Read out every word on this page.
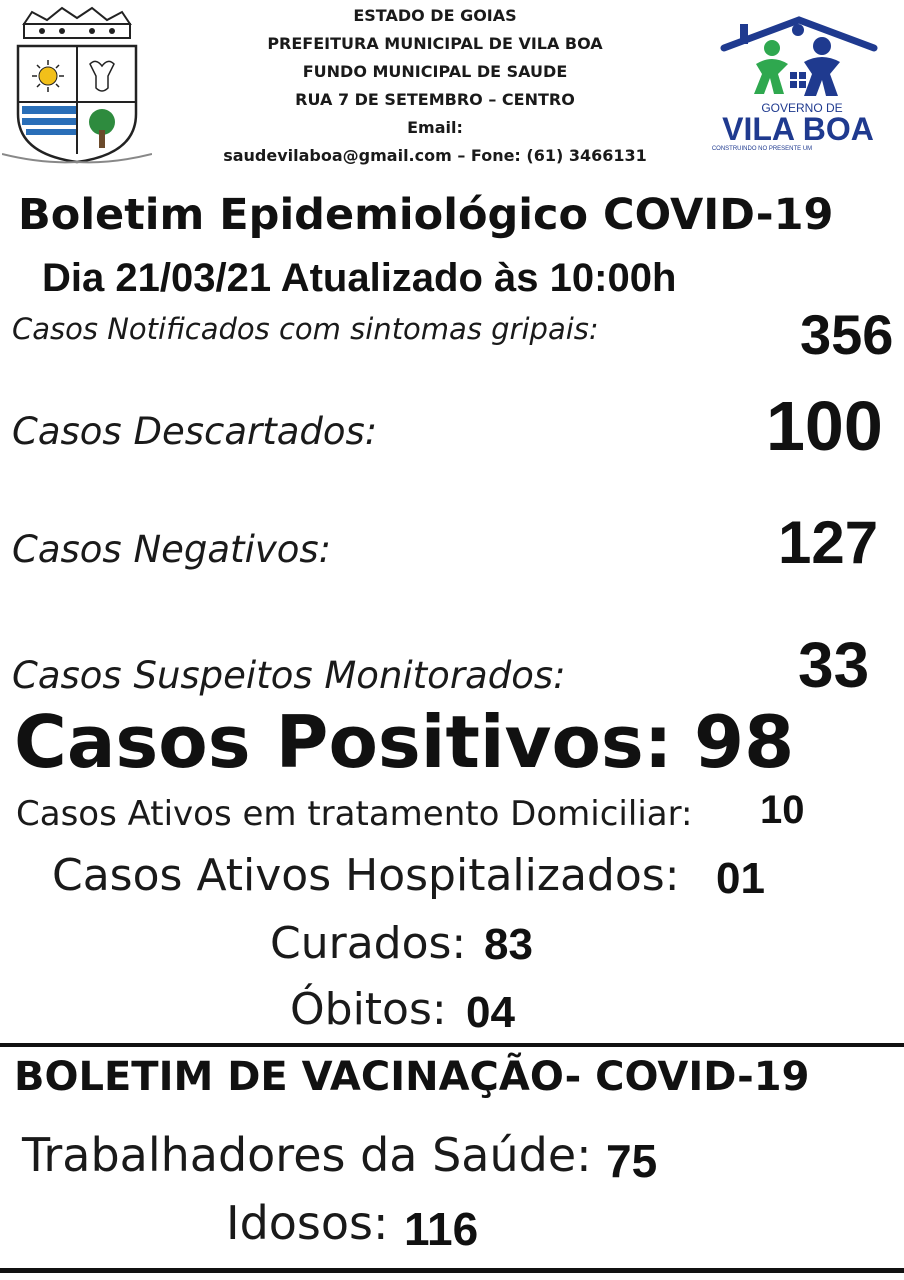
ESTADO DE GOIAS
PREFEITURA MUNICIPAL DE VILA BOA
FUNDO MUNICIPAL DE SAUDE
RUA 7 DE SETEMBRO – CENTRO
Email:
saudevilaboa@gmail.com – Fone: (61) 3466131
GOVERNO DE
VILA BOA
CONSTRUINDO NO PRESENTE UM
Boletim Epidemiológico COVID-19
Dia 21/03/21 Atualizado às 10:00h
Casos Notificados com sintomas gripais:	356
Casos Descartados:	100
Casos Negativos:	127
Casos Suspeitos Monitorados:	33
Casos Positivos: 98
Casos Ativos em tratamento Domiciliar: 10
Casos Ativos Hospitalizados: 01
Curados: 83
Óbitos: 04
BOLETIM DE VACINAÇÃO- COVID-19
Trabalhadores da Saúde: 75
Idosos: 116
